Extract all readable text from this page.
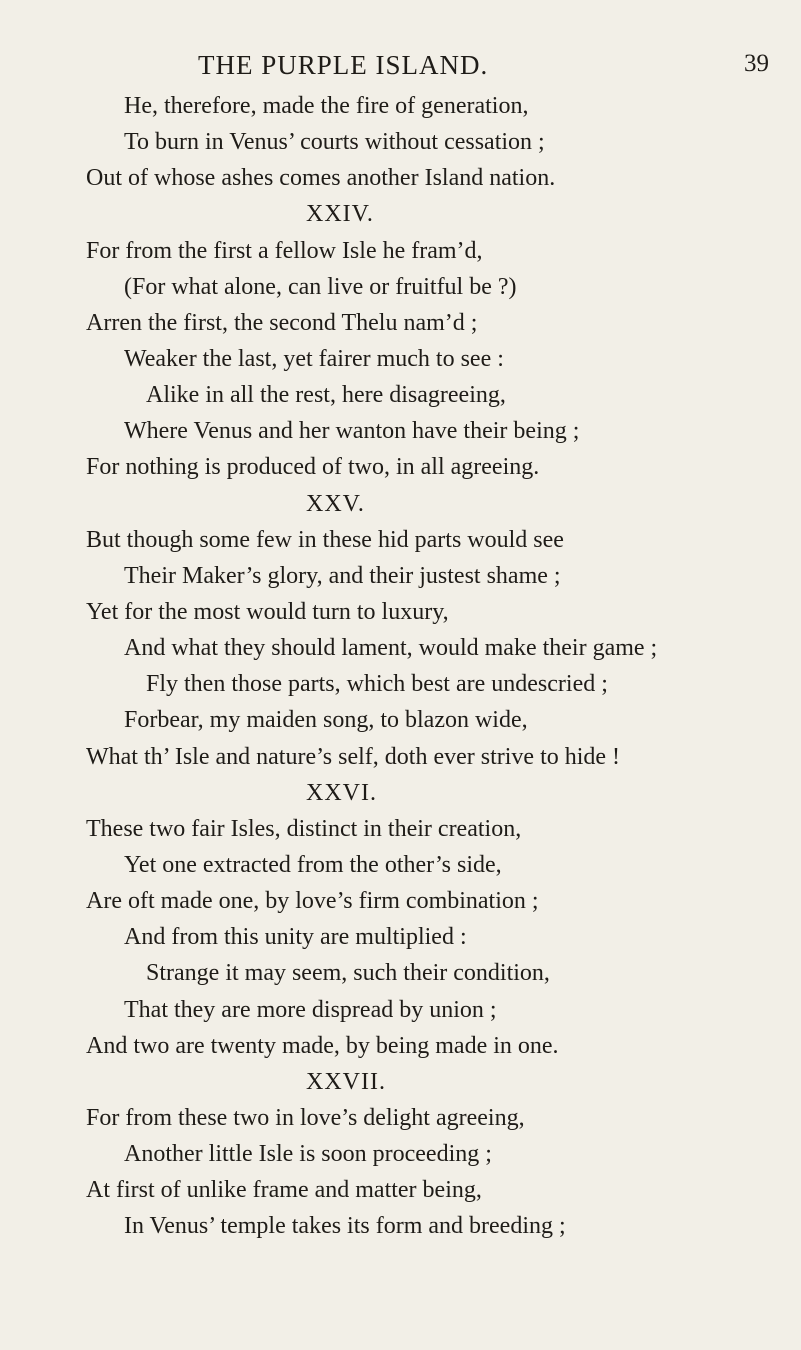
THE PURPLE ISLAND.	39
He, therefore, made the fire of generation,
To burn in Venus’ courts without cessation ;
Out of whose ashes comes another Island nation.
XXIV.
For from the first a fellow Isle he fram’d,
(For what alone, can live or fruitful be ?)
Arren the first, the second Thelu nam’d ;
Weaker the last, yet fairer much to see :
Alike in all the rest, here disagreeing,
Where Venus and her wanton have their being ;
For nothing is produced of two, in all agreeing.
XXV.
But though some few in these hid parts would see
Their Maker’s glory, and their justest shame ;
Yet for the most would turn to luxury,
And what they should lament, would make their game ;
Fly then those parts, which best are undescried ;
Forbear, my maiden song, to blazon wide,
What th’ Isle and nature’s self, doth ever strive to hide !
XXVI.
These two fair Isles, distinct in their creation,
Yet one extracted from the other’s side,
Are oft made one, by love’s firm combination ;
And from this unity are multiplied :
Strange it may seem, such their condition,
That they are more dispread by union ;
And two are twenty made, by being made in one.
XXVII.
For from these two in love’s delight agreeing,
Another little Isle is soon proceeding ;
At first of unlike frame and matter being,
In Venus’ temple takes its form and breeding ;
